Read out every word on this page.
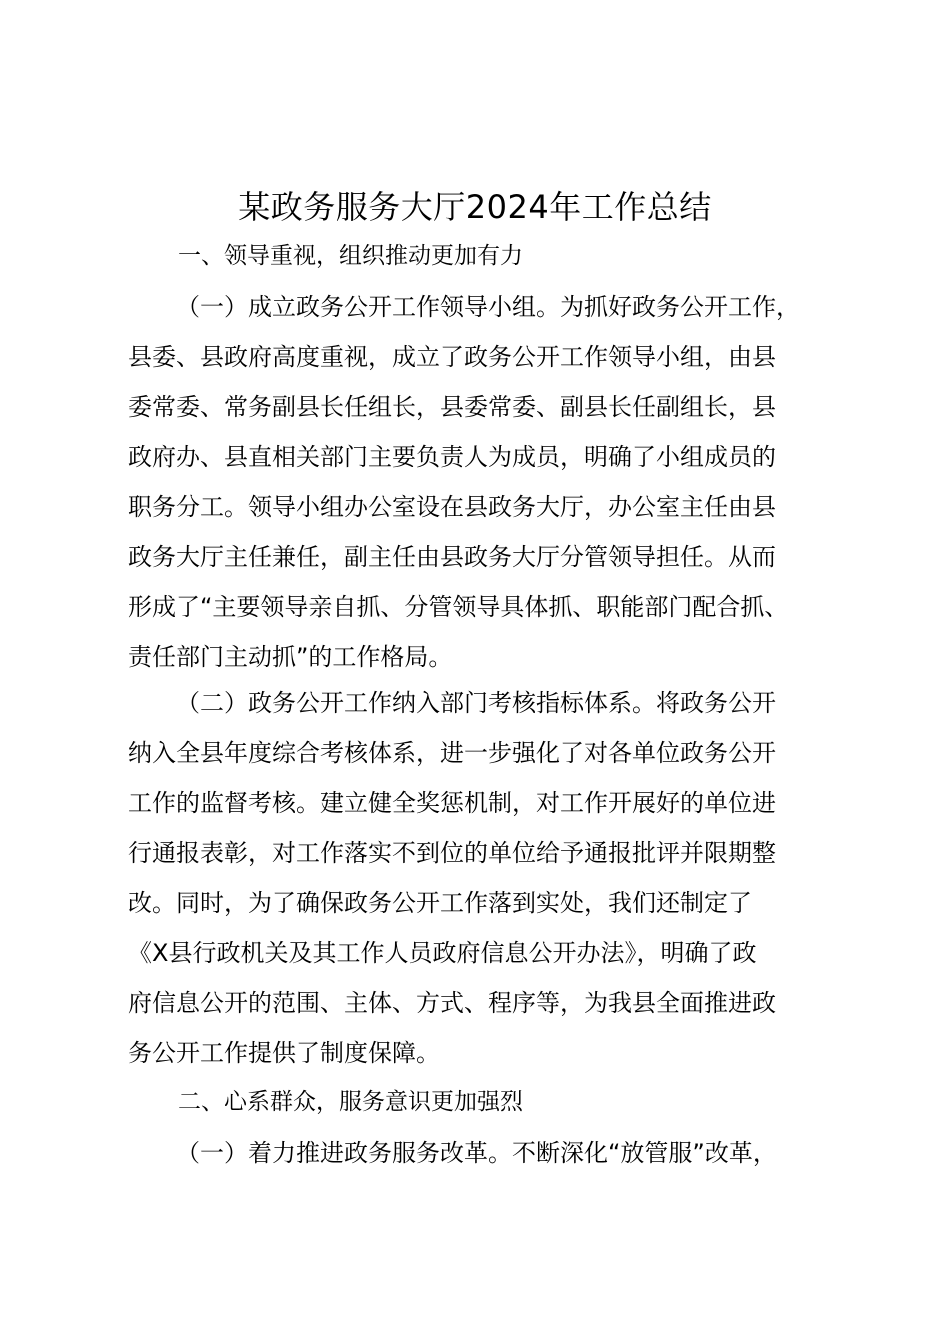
某政务服务大厅2024年工作总结
一、领导重视，组织推动更加有力
（一）成立政务公开工作领导小组。为抓好政务公开工作，
县委、县政府高度重视，成立了政务公开工作领导小组，由县
委常委、常务副县长任组长，县委常委、副县长任副组长，县
政府办、县直相关部门主要负责人为成员，明确了小组成员的
职务分工。领导小组办公室设在县政务大厅，办公室主任由县
政务大厅主任兼任，副主任由县政务大厅分管领导担任。从而
形成了“主要领导亲自抓、分管领导具体抓、职能部门配合抓、
责任部门主动抓”的工作格局。
（二）政务公开工作纳入部门考核指标体系。将政务公开
纳入全县年度综合考核体系，进一步强化了对各单位政务公开
工作的监督考核。建立健全奖惩机制，对工作开展好的单位进
行通报表彰，对工作落实不到位的单位给予通报批评并限期整
改。同时，为了确保政务公开工作落到实处，我们还制定了
《X县行政机关及其工作人员政府信息公开办法》，明确了政
府信息公开的范围、主体、方式、程序等，为我县全面推进政
务公开工作提供了制度保障。
二、心系群众，服务意识更加强烈
（一）着力推进政务服务改革。不断深化“放管服”改革，
